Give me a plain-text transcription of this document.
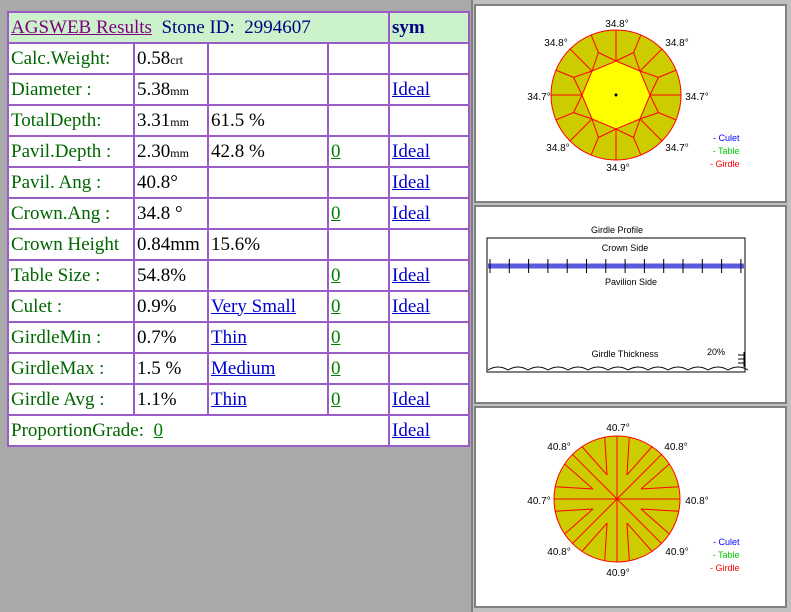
AGSWEB Results Stone ID: 2994607				sym
Calc.Weight:	0.58crt			
Diameter :	5.38mm			Ideal
TotalDepth:	3.31mm	61.5 %		
Pavil.Depth :	2.30mm	42.8 %	0	Ideal
Pavil. Ang :	40.8°			Ideal
Crown.Ang :	34.8 °		0	Ideal
Crown Height	0.84mm	15.6%		
Table Size :	54.8%		0	Ideal
Culet :	0.9%	Very Small	0	Ideal
GirdleMin :	0.7%	Thin	0	
GirdleMax :	1.5 %	Medium	0	
Girdle Avg :	1.1%	Thin	0	Ideal
ProportionGrade: 0				Ideal
34.8°
34.8°	34.8°
34.7°	34.7°
34.8°	34.7°
34.9°
- Culet
- Table
- Girdle
Girdle Profile
Crown Side
Pavilion Side
Girdle Thickness	20%
40.7°
40.8°	40.8°
40.7°	40.8°
40.8°	40.9°
40.9°
- Culet
- Table
- Girdle
